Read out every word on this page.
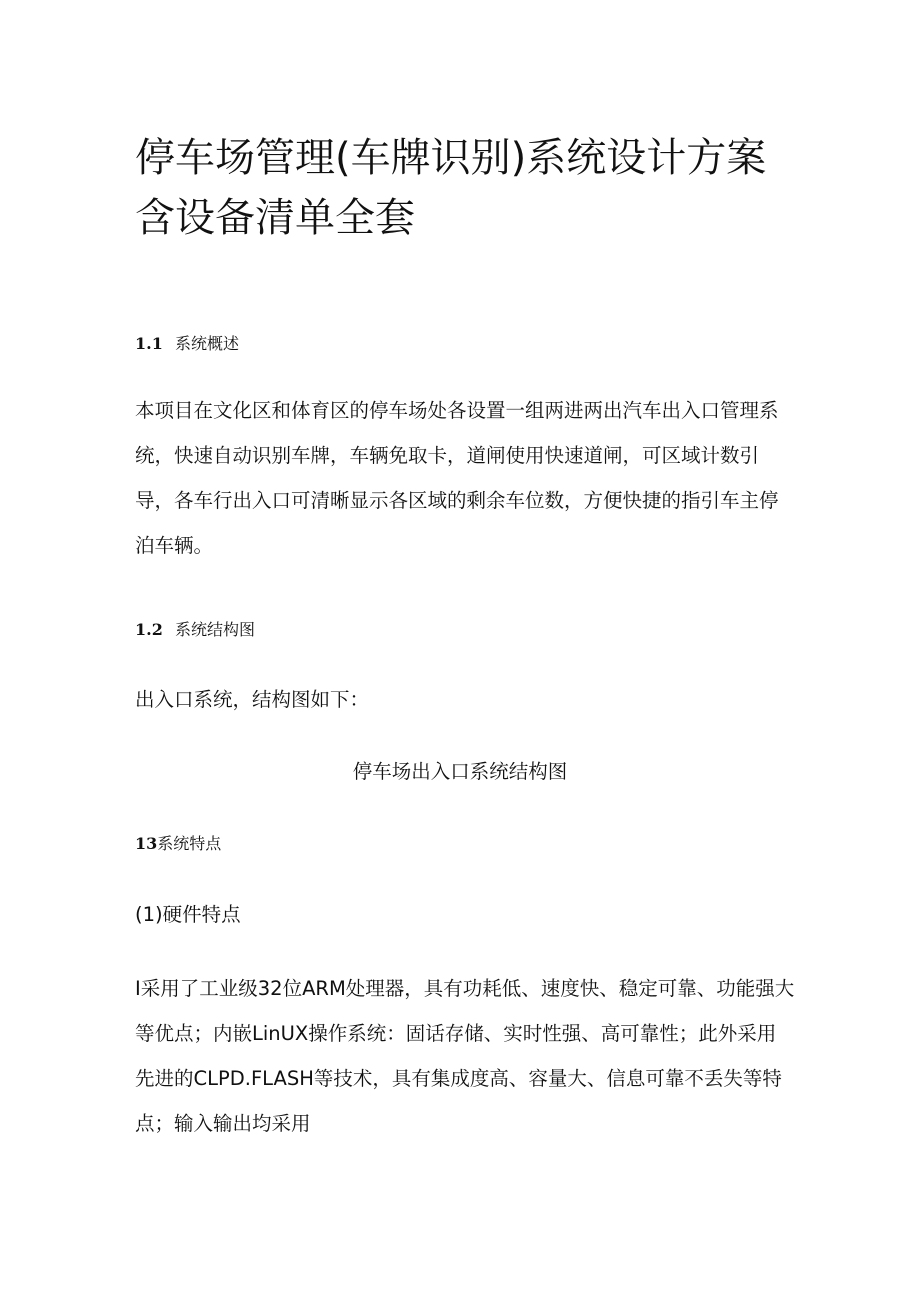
停车场管理(车牌识别)系统设计方案含设备清单全套
1.1 系统概述

本项目在文化区和体育区的停车场处各设置一组两进两出汽车出入口管理系统，快速自动识别车牌，车辆免取卡，道闸使用快速道闸，可区域计数引导，各车行出入口可清晰显示各区域的剩余车位数，方便快捷的指引车主停泊车辆。

1.2 系统结构图

出入口系统，结构图如下：

停车场出入口系统结构图

13系统特点

(1)硬件特点

I采用了工业级32位ARM处理器，具有功耗低、速度快、稳定可靠、功能强大等优点；内嵌LinUX操作系统：固话存储、实时性强、高可靠性；此外采用先进的CLPD.FLASH等技术，具有集成度高、容量大、信息可靠不丢失等特点；输入输出均采用
